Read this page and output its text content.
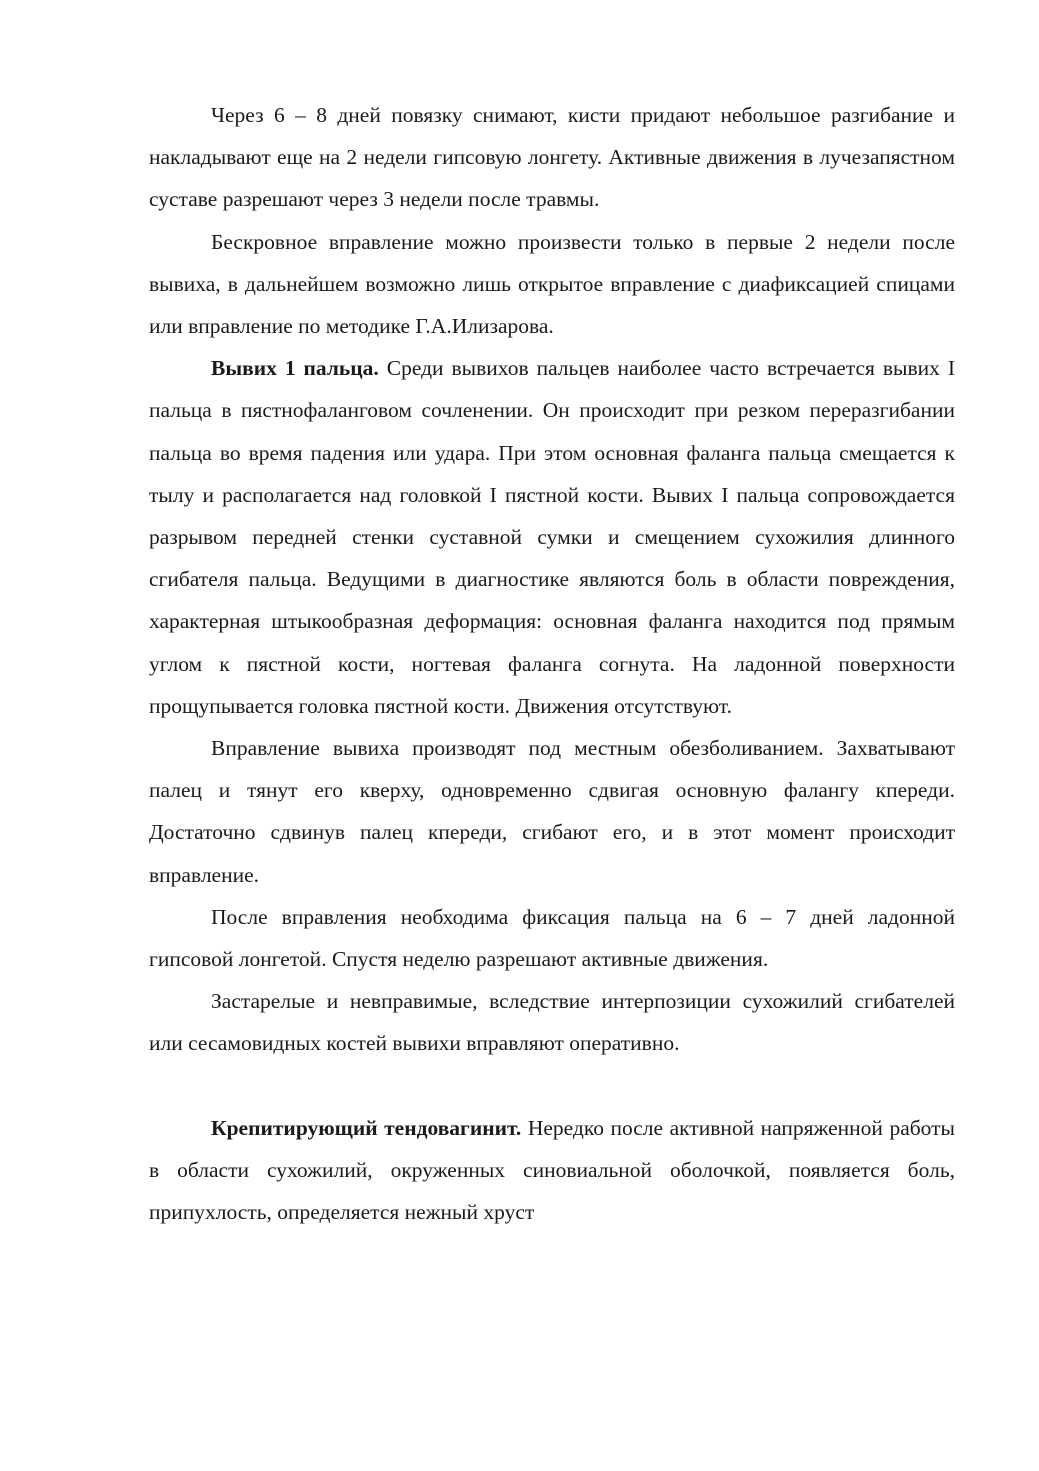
Через 6 – 8 дней повязку снимают, кисти придают небольшое разгибание и накладывают еще на 2 недели гипсовую лонгету. Активные движения в лучезапястном суставе разрешают через 3 недели после травмы.

Бескровное вправление можно произвести только в первые 2 недели после вывиха, в дальнейшем возможно лишь открытое вправление с диафиксацией спицами или вправление по методике Г.А.Илизарова.

Вывих 1 пальца. Среди вывихов пальцев наиболее часто встречается вывих I пальца в пястнофаланговом сочленении. Он происходит при резком переразгибании пальца во время падения или удара. При этом основная фаланга пальца смещается к тылу и располагается над головкой I пястной кости. Вывих I пальца сопровождается разрывом передней стенки суставной сумки и смещением сухожилия длинного сгибателя пальца. Ведущими в диагностике являются боль в области повреждения, характерная штыкообразная деформация: основная фаланга находится под прямым углом к пястной кости, ногтевая фаланга согнута. На ладонной поверхности прощупывается головка пястной кости. Движения отсутствуют.

Вправление вывиха производят под местным обезболиванием. Захватывают палец и тянут его кверху, одновременно сдвигая основную фалангу кпереди. Достаточно сдвинув палец кпереди, сгибают его, и в этот момент происходит вправление.

После вправления необходима фиксация пальца на 6 – 7 дней ладонной гипсовой лонгетой. Спустя неделю разрешают активные движения.

Застарелые и невправимые, вследствие интерпозиции сухожилий сгибателей или сесамовидных костей вывихи вправляют оперативно.

Крепитирующий тендовагинит. Нередко после активной напряженной работы в области сухожилий, окруженных синовиальной оболочкой, появляется боль, припухлость, определяется нежный хруст
